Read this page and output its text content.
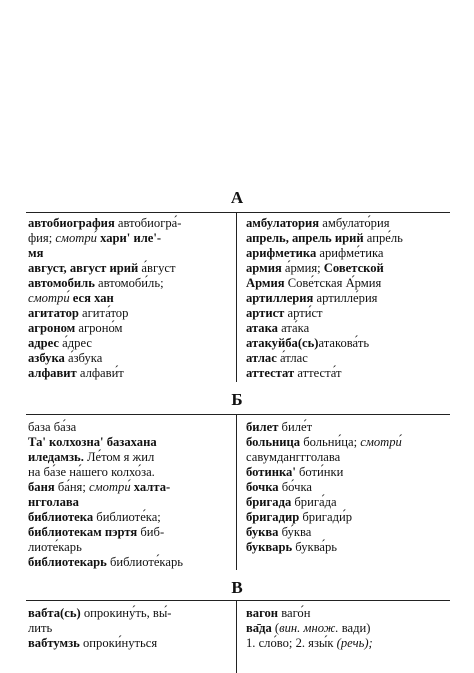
А
автобиография автобиогра́-
фия; смотри́ хари' иле'-
мя
август, август ирий а́вгуст
автомобиль автомоби́ль;
смотри́ еся хан
агитатор агита́тор
агроном агроно́м
адрес а́дрес
азбука а́збука
алфавит алфави́т
амбулатория амбулато́рия
апрель, апрель ирий апре́ль
арифметика арифме́тика
армия а́рмия; Советской
Армия Сове́тская А́рмия
артиллерия артилле́рия
артист арти́ст
атака ата́ка
атакуйба(сь)атакова́ть
атлас а́тлас
аттестат аттеста́т
Б
база ба́за
Та' колхозна' базахана
иледамзь. Ле́том я жил
на ба́зе на́шего колхо́за.
баня ба́ня; смотри́ халта-
нгголава
библиотека библиоте́ка;
библиотекам пэртя биб-
лиоте́карь
библиотекарь библиоте́карь
билет биле́т
больница больни́ца; смотри́
савумданггголава
ботинка' боти́нки
бочка бо́чка
бригада брига́да
бригадир бригади́р
буква бу́ква
букварь буква́рь
В
вабта(сь) опрокину́ть, вы́-
лить
вабтумзь опроки́нуться
вагон ваго́н
ва̄да (вин. множ. вади)
1. сло́во; 2. язы́к (речь);
